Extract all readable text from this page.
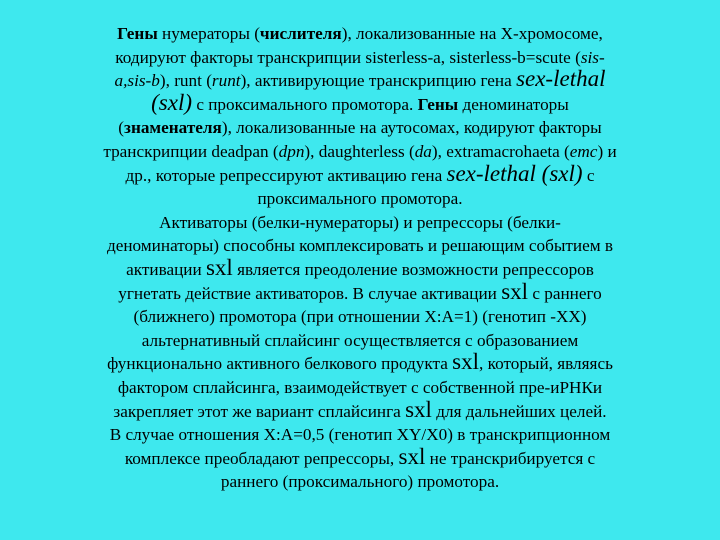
Гены нумераторы (числителя), локализованные на Х-хромосоме,
кодируют факторы транскрипции sisterless-a, sisterless-b=scute (sis-
a,sis-b), runt (runt), активирующие транскрипцию гена sex-lethal
(sxl) с проксимального промотора. Гены деноминаторы
(знаменателя), локализованные на аутосомах, кодируют факторы
транскрипции deadpan (dpn), daughterless (da), extramacrohaeta (emc) и
др., которые репрессируют активацию гена sex-lethal (sxl) с
проксимального промотора.
Активаторы (белки-нумераторы) и репрессоры (белки-
деноминаторы) способны комплексировать и решающим событием в
активации sxl является преодоление возможности репрессоров
угнетать действие активаторов. В случае активации sxl с раннего
(ближнего) промотора (при отношении Х:А=1) (генотип -ХХ)
альтернативный сплайсинг осуществляется с образованием
функционально активного белкового продукта sxl, который, являясь
фактором сплайсинга, взаимодействует с собственной пре-иРНКи
закрепляет этот же вариант сплайсинга sxl для дальнейших целей.
В случае отношения Х:А=0,5 (генотип ХY/Х0) в транскрипционном
комплексе преобладают репрессоры, sxl не транскрибируется с
раннего (проксимального) промотора.
